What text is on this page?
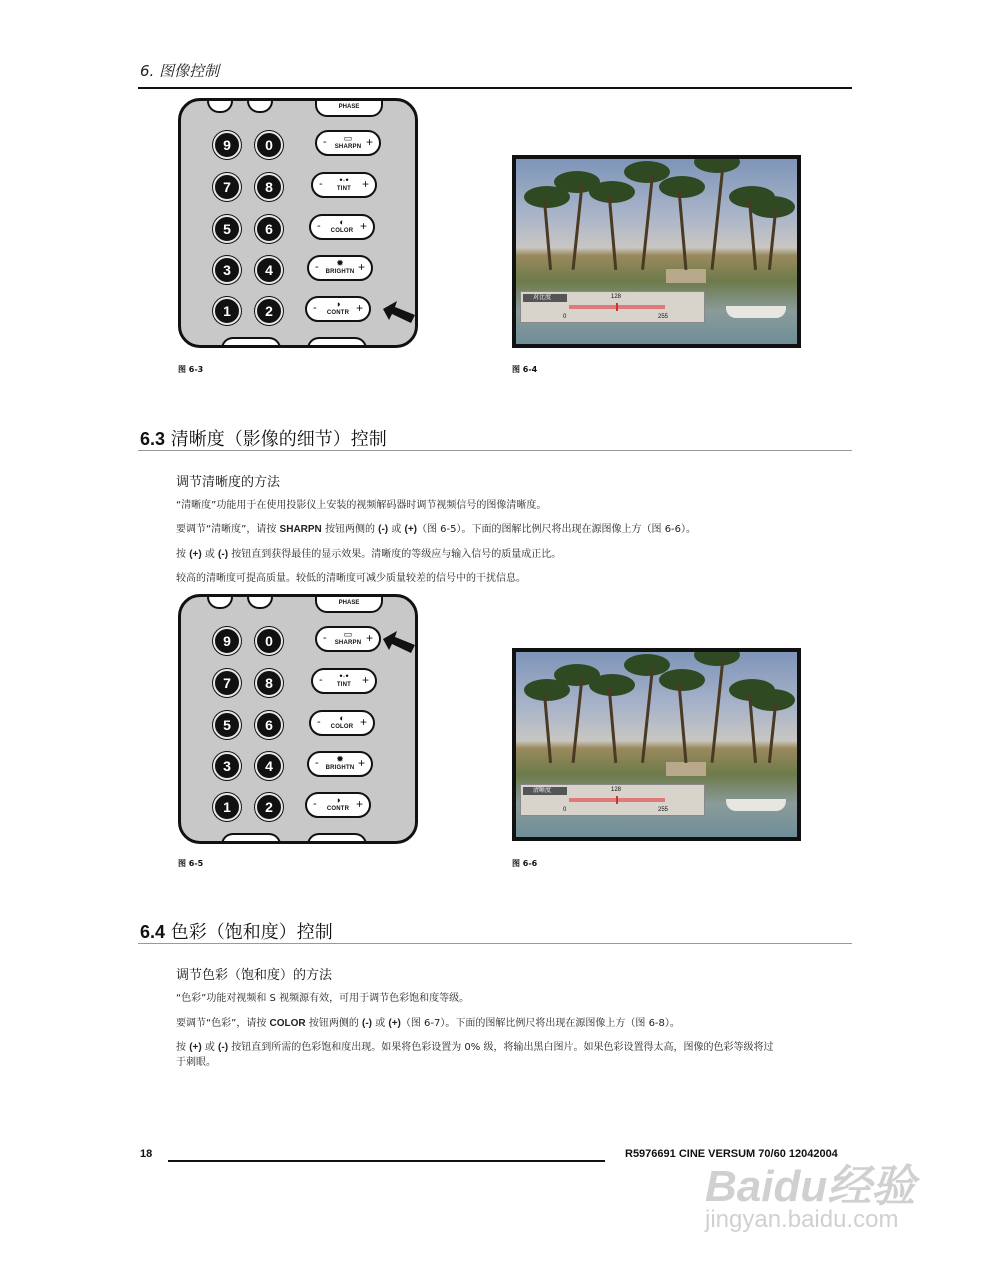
6. 图像控制
PHASE
9	0
7	8
5	6
3	4
1	2
-	▭
SHARPN +
-	•·•
TINT +
-	◐
COLOR +
-	✹
BRIGHTN +
-	◑
CONTR +
图 6-3
对比度	128
0	255
图 6-4
6.3 清晰度（影像的细节）控制
调节清晰度的方法
“清晰度”功能用于在使用投影仪上安装的视频解码器时调节视频信号的图像清晰度。
要调节“清晰度”，请按 SHARPN 按钮两侧的 (-) 或 (+)（图 6-5）。下面的图解比例尺将出现在源图像上方（图 6-6）。
按 (+) 或 (-) 按钮直到获得最佳的显示效果。清晰度的等级应与输入信号的质量成正比。
较高的清晰度可提高质量。较低的清晰度可减少质量较差的信号中的干扰信息。
PHASE
9	0
7	8
5	6
3	4
1	2
-	▭
SHARPN +
-	•·•
TINT +
-	◐
COLOR +
-	✹
BRIGHTN +
-	◑
CONTR +
图 6-5
清晰度	128
0	255
图 6-6
6.4 色彩（饱和度）控制
调节色彩（饱和度）的方法
“色彩”功能对视频和 S 视频源有效，可用于调节色彩饱和度等级。
要调节“色彩”，请按 COLOR 按钮两侧的 (-) 或 (+)（图 6-7）。下面的图解比例尺将出现在源图像上方（图 6-8）。
按 (+) 或 (-) 按钮直到所需的色彩饱和度出现。如果将色彩设置为 0% 级，将输出黑白图片。如果色彩设置得太高，图像的色彩等级将过
于刺眼。
18	R5976691 CINE VERSUM 70/60 12042004
Baidu经验
jingyan.baidu.com
